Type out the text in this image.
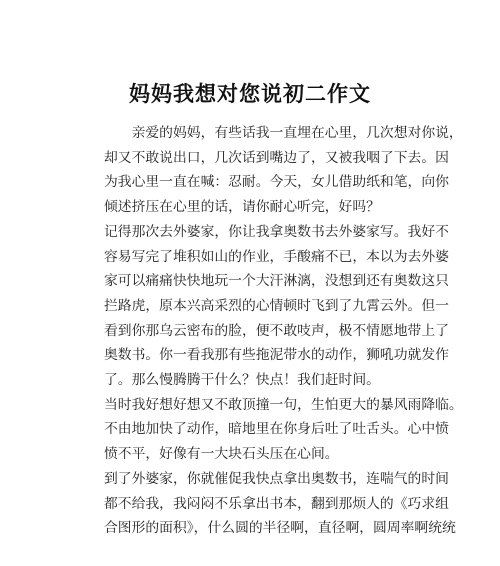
妈妈我想对您说初二作文
　　亲爱的妈妈，有些话我一直埋在心里，几次想对你说，
却又不敢说出口，几次话到嘴边了，又被我咽了下去。因
为我心里一直在喊：忍耐。今天，女儿借助纸和笔，向你
倾述挤压在心里的话，请你耐心听完，好吗？
记得那次去外婆家，你让我拿奥数书去外婆家写。我好不
容易写完了堆积如山的作业，手酸痛不已，本以为去外婆
家可以痛痛快快地玩一个大汗淋漓，没想到还有奥数这只
拦路虎，原本兴高采烈的心情顿时飞到了九霄云外。但一
看到你那乌云密布的脸，便不敢吱声，极不情愿地带上了
奥数书。你一看我那有些拖泥带水的动作，狮吼功就发作
了。那么慢腾腾干什么？快点！我们赶时间。
当时我好想好想又不敢顶撞一句，生怕更大的暴风雨降临。
不由地加快了动作，暗地里在你身后吐了吐舌头。心中愤
愤不平，好像有一大块石头压在心间。
到了外婆家，你就催促我快点拿出奥数书，连喘气的时间
都不给我，我闷闷不乐拿出书本，翻到那烦人的《巧求组
合图形的面积》，什么圆的半径啊，直径啊，圆周率啊统统
